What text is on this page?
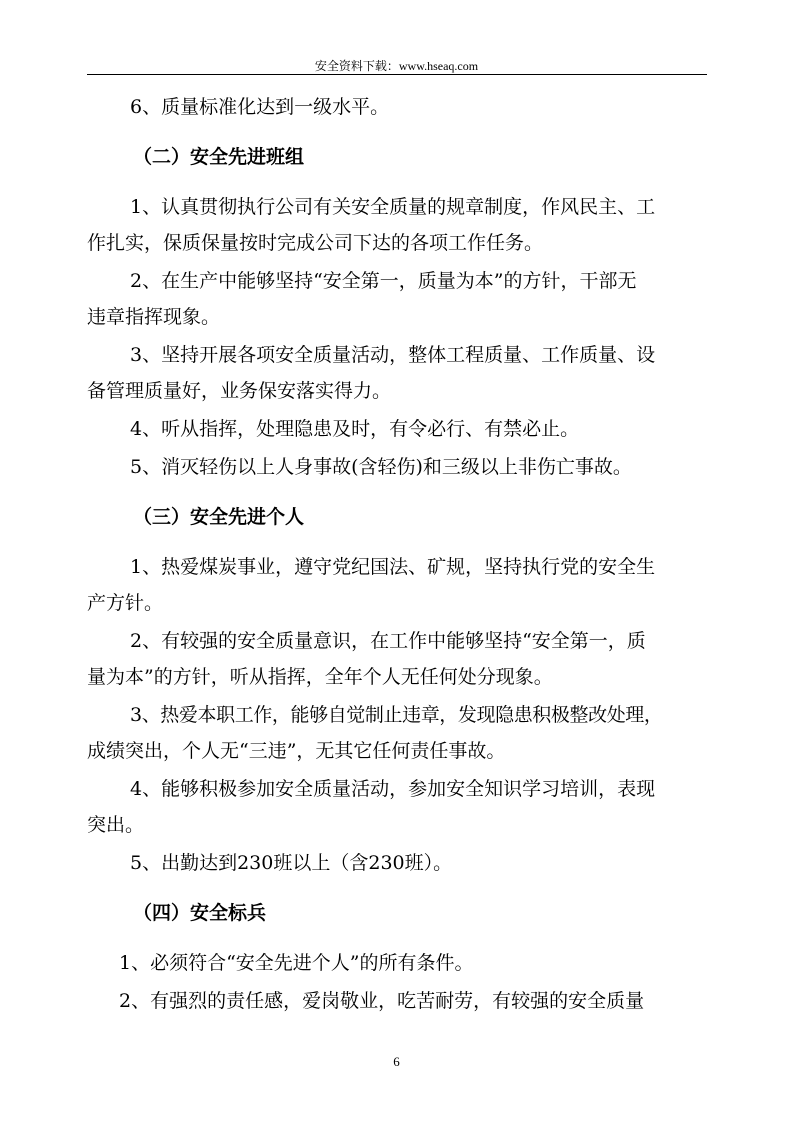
安全资料下载：www.hseaq.com

6、质量标准化达到一级水平。

（二）安全先进班组

1、认真贯彻执行公司有关安全质量的规章制度，作风民主、工

作扎实，保质保量按时完成公司下达的各项工作任务。

2、在生产中能够坚持“安全第一，质量为本”的方针，干部无

违章指挥现象。

3、坚持开展各项安全质量活动，整体工程质量、工作质量、设

备管理质量好，业务保安落实得力。

4、听从指挥，处理隐患及时，有令必行、有禁必止。

5、消灭轻伤以上人身事故(含轻伤)和三级以上非伤亡事故。

（三）安全先进个人

1、热爱煤炭事业，遵守党纪国法、矿规，坚持执行党的安全生

产方针。

2、有较强的安全质量意识，在工作中能够坚持“安全第一，质

量为本”的方针，听从指挥，全年个人无任何处分现象。

3、热爱本职工作，能够自觉制止违章，发现隐患积极整改处理，

成绩突出，个人无“三违”，无其它任何责任事故。

4、能够积极参加安全质量活动，参加安全知识学习培训，表现

突出。

5、出勤达到230班以上（含230班）。

（四）安全标兵

1、必须符合“安全先进个人”的所有条件。

2、有强烈的责任感，爱岗敬业，吃苦耐劳，有较强的安全质量

6
